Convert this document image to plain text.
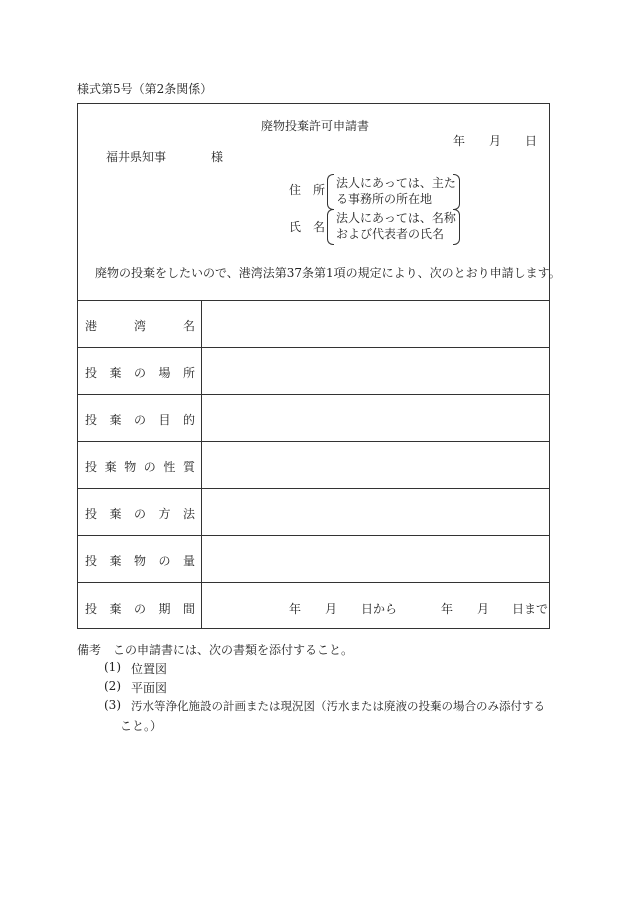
様式第5号（第2条関係）
廃物投棄許可申請書
年 月 日
福井県知事	様
住 所 法人にあっては、主た
る事務所の所在地
氏 名
法人にあっては、名称
および代表者の氏名
廃物の投棄をしたいので、港湾法第37条第1項の規定により、次のとおり申請します。
港	湾	名
投 棄 の 場 所
投 棄 の 目 的
投 棄 物 の 性 質
投 棄 の 方 法
投 棄 物 の 量
投 棄 の 期 間	年 月 日から	年 月 日まで
備考 この申請書には、次の書類を添付すること。
(1) 位置図
(2) 平面図
(3) 汚水等浄化施設の計画または現況図（汚水または廃液の投棄の場合のみ添付する
こと。）
